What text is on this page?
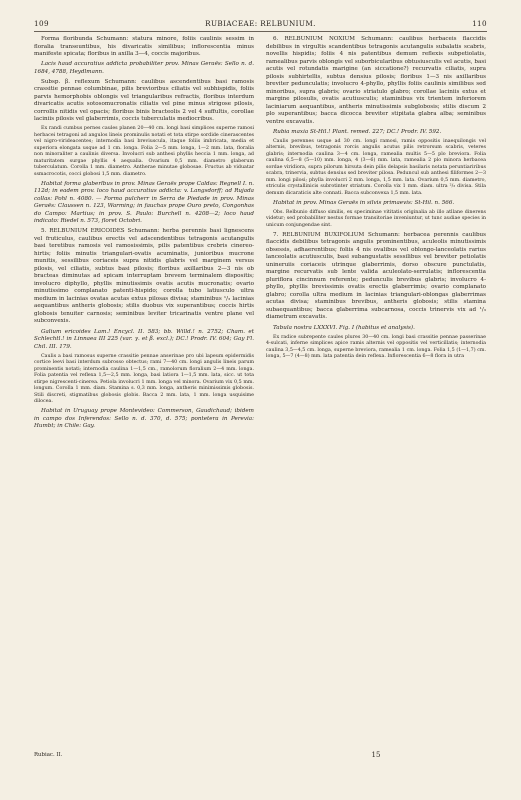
109	RUBIACEAE: RELBUNIUM.	110

Forma floribunda Schumann: statura minore, foliis caulinis sessim in floralia transeuntibus, his divaricatis similibus; inflorescentia minus manifeste spicata; floribus in axilla 3—4, coccis majoribus.

Lacis haud accuratius addicta probabiliter prov. Minas Geraës: Sello n. d. 1684, 4788, Heydlmann.

Subsp. β. reflexum Schumann: caulibus ascendentibus basi ramosis crassitie pennae columbinae, pilis brevioribus ciliatis vel subhispidis, foliis parvis hemorphobis oblongis vel triangularibus refractis, floribus interdum divaricatis acutis sotosomucronatis ciliatis vel pine minus strigose pilosis, corrollis nitidis vel opacis; floribus binis bracteolis 2 vel 4 suffultis, corollae laciniis pilosis vel glaberrimis, coccis tuberculatis mediocribus.

Ex randi cumbus pernes caules planen 20—40 cm. longi basi simplices superne ramosi herbacei tetragoni ad angulos lineis prominulis notati et tota stirpe sordide cinerascentes vel nigro-virideacentes; internodia basi breviuscula, itaque foliis imbricata, media et superiora elongata usque ad 1 cm. longa. Folia 2—5 mm. longa, 1—2 mm. lata, floralia non minoraliter a caulinis diversa. Involucri sub anthesi phyllis heccia 1 mm. longa, ad maturitatem surgae phyllis 4 aequalia. Ovarium 0,5 mm. diametro glaberum tuberculatum. Corolla 1 mm. diametro. Antherae minutae globosae. Fructus ab viduatar ssmacrocotis, cocci globosi 1,5 mm. diametro.

Habitat forma glaberlbus in prov. Minas Geraës prope Caldas: Regnell I. n. 112d; in eadem prov. loco haud accuratius addicta: v. Langsdorff; ad Rujada collas: Pohl n. 4080. — Forma pulcherr in Serra de Piedade in prov. Minas Geraës: Claussen n. 123, Warming; in fauchas prope Ouro preto, Congonhas do Campo: Martius; in prov. S. Paulo: Burchell n. 4208—2; loco haud indicato: Riedel n. 573, floret Octobri.

5. RELBUNIUM ERICOIDES Schumann: herba perennis basi lignescens vel fruticulus, caulibus erectis vel adscendentibus tetragonis acutangulis basi teretibus ramosis vel ramosissimis, pilis patentibus crebris cinereo-hirtis; foliis minutis triangulari-ovatis acuminatis, junioribus mucrone munitis, sessilibus coriaceis supra nitidis glabris vel marginem versus pilosis, vel ciliatis, subtus basi pilosis; floribus axillaribus 2—3 nis ob bracteas diminutas ad spicam interruptam brevem terminalem dispositis; involucro diphyllo, phyllis minutissimis ovatis acutis mucronatis; ovario minutissimo complanato patenti-hispido; corolla tubo latiusculo ultra medium in lacinias ovatas acutas extus pilosas divisa; staminibus ¹/₃ lacinias aequantibus antheris globosis; stilis duobus vix superantibus; coccis hirtis globosis tenuiter carnosis; seminibus leviter tricarinatis ventre plane vel subconvexis.

Galium ericoides Lam.! Encycl. II. 583; bb. Willd.! n. 2752; Cham. et Schlechtl.! in Linnaea III 225 (var. γ. et β. excl.); DC.! Prodr. IV. 604; Gay Fl. Chil. III. 179.

Caulis a basi ramosus superne crassitie pennae anserinae pro ubi lapeum epidermidis cortice leevi basi interdum subrosso obtectus; rami 7—40 cm. longi angulis lineis parum prominentis notati; internodia caulina 1—1,5 cm., ramolorum floralium 2—4 mm. longa. Folia patentia vel reflexa 1,5—2,5 mm. longa, basi latiora 1—1,5 mm. lata, sicc. ut tota stirpe nigrescenti-cinerea. Petiola involucri 1 mm. longa vel minora. Ovarium vix 0,5 mm. longum. Corolla 1 mm. diam. Stamina s. 0,3 mm. longa, antheris minimissimis globosis. Stili discreti, stigmatibus globosis globis. Bacca 2 mm. lata, 1 mm. longa usquisime dilocea.

Habitat in Uruguay prope Montevideo: Commerson, Gaudichaud; ibidem in campo dos Inferendos: Sello n. d. 370, d. 575; pontetera in Perevia: Humbt; in Chile: Gay.

6. RELBUNIUM NOXIUM Schumann: caulibus herbaceis flaccidis debilibus in virgultis scandentibus tetragonis acutangulis subalatis scabris, novellis hispidis; foliis 4 nis patentibus demum reflexis subpetiolatis, ramealibus parvis oblongis vel suborbicularibus obtusiusculis vel acutis, basi acutis vel rotundatis marigine (an siccatione?) recurvatis ciliatis, supra pilosis subhirtellis, subtus densius pilosis; floribus 1—3 nis axillaribus breviter pedunculatis; involucro 4-phyllo, phyllis foliis caulinis similibus sed minoribus, supra glabris; ovario striatulo glabro; corollae laciniis extus et margine pilosulis, ovatis acutiusculis; staminibus vix trientem inferiorem laciniarum aequantibus, antheris minutissimis subglobosis; stilis discum 2 plo superantibus; bacca dicocca breviter stipitata glabra alba; seminibus ventre excavatis.

Rubia maxia St-Hil.! Plant. remed. 227; DC.! Prodr. IV. 592.

Caulis perennes usque ad 30 cm. longi ramosi, ramis oppositis inaequilongis vel alternis, brevibus, tetragonis rorcis angulis acutus pilis retrorsum scabris, veteres glabris; internodia caulina 3—4 cm. longa, ramealia multis 5—5 plo breviora. Folia caulina 6,5—8 (5—10) mm. longa, 4 (3—6) mm. lata, ramealia 2 plo minora herbacea sordae viridiora, supra pilorum hirsuta dein pilis delapsis basilaris notata peruntiariribus scabra, trinervia, subtus densius sed breviter pilosa. Peduncul sub anthesi filiformes 2—3 mm. longi pilosi; phylla involucri 2 mm. longa, 1,5 mm. lata. Ovarium 0,5 mm. diametro, striculis crystallinicis subrotinter striatum. Corolla vix 1 mm. diam. ultra ²/₃ divisa. Stila demum dicaraticis alte connati. Bacca subconvexa 1,5 mm. lata.

Habitat in prov. Minas Geraës in silvis primaevis: St-Hil. n. 566.

Obs. Relbunio diffuso similis, ex speciminae vititatis originalia ab illo atllane dinerens videtur; sed probabiliter nestus formae transitoriae inveniuntur, ut tunc audiae species in unicum conjungendae sint.

7. RELBUNIUM BUXIFOLIUM Schumann: herbacea perennis caulibus flaccidis debilibus tetragonis angulis prominentibus, aculeolis minutissimis obsessis, adhaerentibus; foliis 4 nis ovalibus vel oblongo-lanceolatis rarius lanceolatis acutiusculis, basi subangustatis sessilibus vel breviter petiolatis unineruiis coriaceis utrinque glaberrimis, dorso obscure punctulatis, margine recurvatis sub lente valida aculeolato-serrulatis; inflorescentia pluriflora cincinnum referente; pedunculis brevibus glabris; involucro 4-phyllo, phyllis brevissimis ovatis erectis glaberrimis; ovario complanato glabro; corolla ultra medium in lacinias triangulari-oblongas glaberrimas acutas divisa; staminibus brevibus, antheris globosis; stilis stamina subaequantibus; bacca glaberrima subcarnosa, coccis trinervis vix ad ¹/₃ diametrum excavatis.

Tabula nostra LXXXVI. Fig. I (habitus et analysis).

Ex radice subrepente caules plures 30—40 cm. longi basi crassitie pennae passerinae 4-sulcati, inferne simplices apice ramis alternis vel oppositis vel verticillatis; internodia caulina 3,5—4,5 cm. longa, superne breviora, ramealia 1 cm. longa. Folia 1,5 (1—1,7) cm. longa, 5—7 (4—8) mm. lata patentia dein reflexa. Inflorescentia 6—8 flora in utra

Rubiac. II.	15
